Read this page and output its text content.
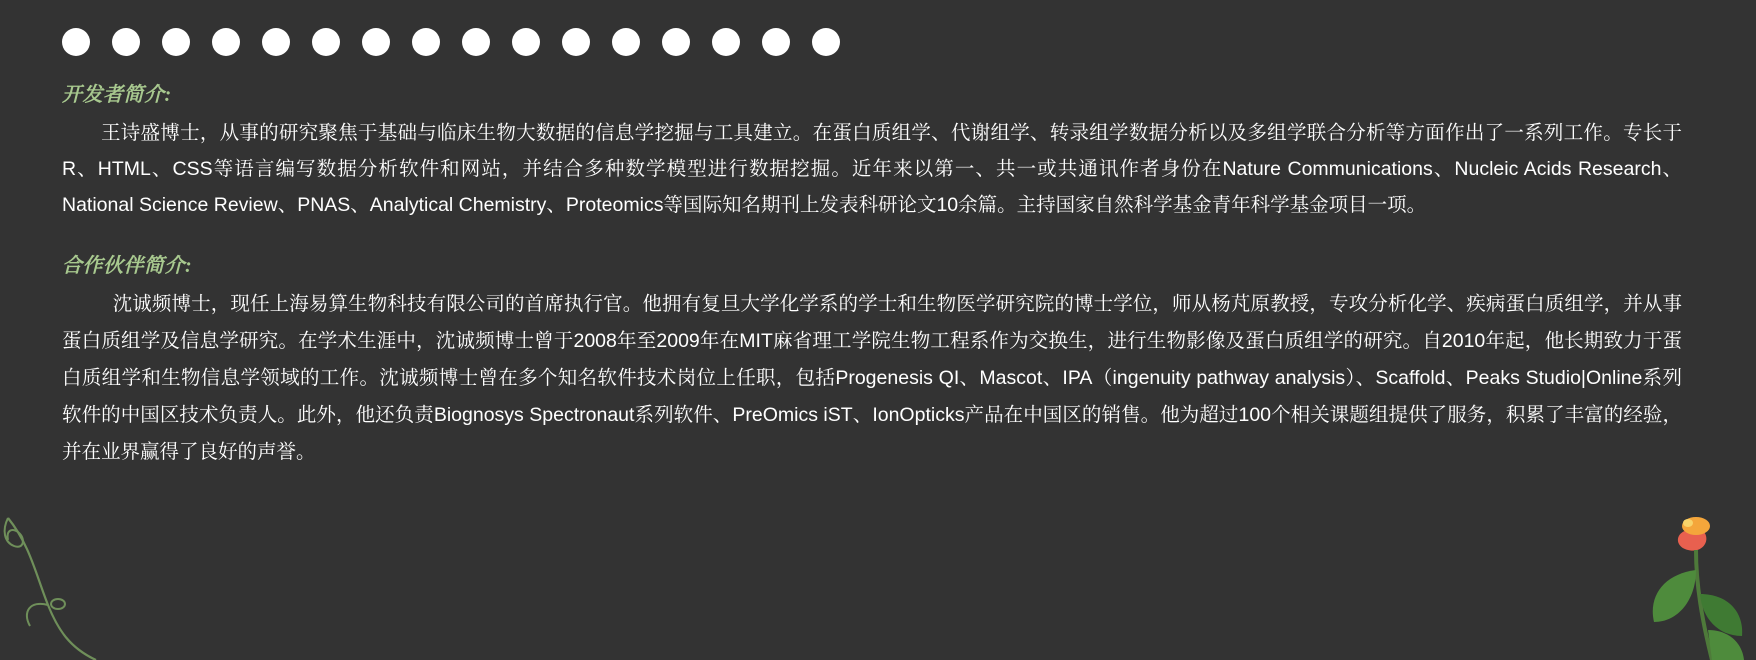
开发者简介:

王诗盛博士，从事的研究聚焦于基础与临床生物大数据的信息学挖掘与工具建立。在蛋白质组学、代谢组学、转录组学数据分析以及多组学联合分析等方面作出了一系列工作。专长于R、HTML、CSS等语言编写数据分析软件和网站，并结合多种数学模型进行数据挖掘。近年来以第一、共一或共通讯作者身份在Nature Communications、Nucleic Acids Research、National Science Review、PNAS、Analytical Chemistry、Proteomics等国际知名期刊上发表科研论文10余篇。主持国家自然科学基金青年科学基金项目一项。

合作伙伴简介:

沈诚频博士，现任上海易算生物科技有限公司的首席执行官。他拥有复旦大学化学系的学士和生物医学研究院的博士学位，师从杨芃原教授，专攻分析化学、疾病蛋白质组学，并从事蛋白质组学及信息学研究。在学术生涯中，沈诚频博士曾于2008年至2009年在MIT麻省理工学院生物工程系作为交换生，进行生物影像及蛋白质组学的研究。自2010年起，他长期致力于蛋白质组学和生物信息学领域的工作。沈诚频博士曾在多个知名软件技术岗位上任职，包括Progenesis QI、Mascot、IPA（ingenuity pathway analysis）、Scaffold、Peaks Studio|Online系列软件的中国区技术负责人。此外，他还负责Biognosys Spectronaut系列软件、PreOmics iST、IonOpticks产品在中国区的销售。他为超过100个相关课题组提供了服务，积累了丰富的经验，并在业界赢得了良好的声誉。
